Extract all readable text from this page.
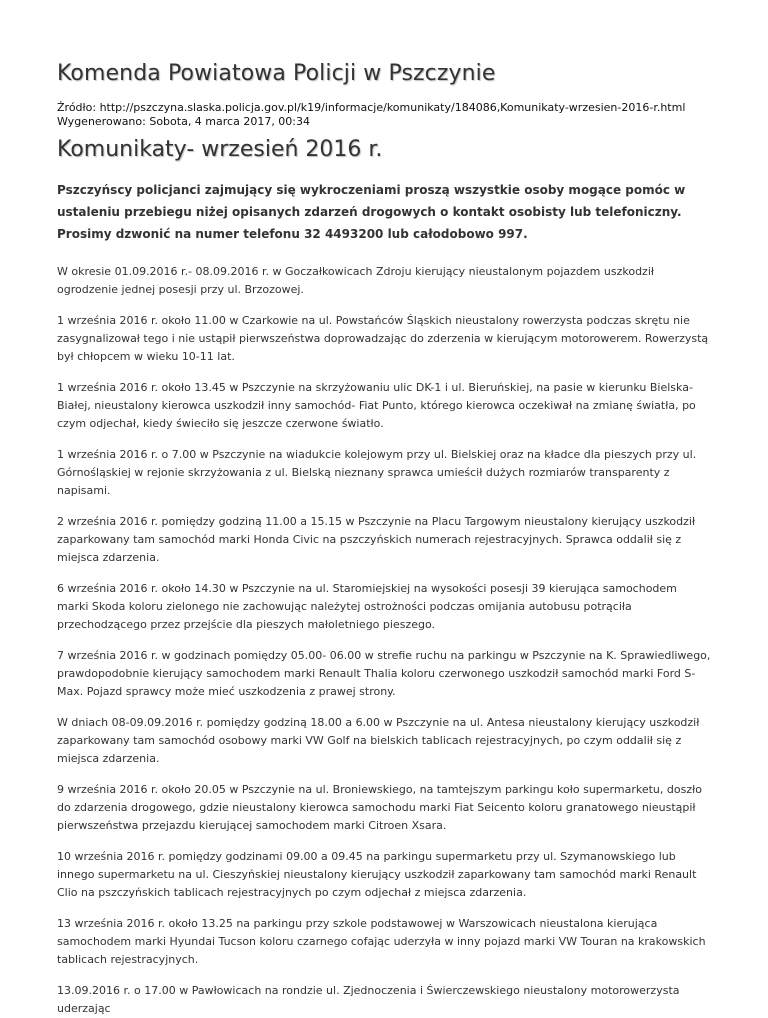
Komenda Powiatowa Policji w Pszczynie
Źródło: http://pszczyna.slaska.policja.gov.pl/k19/informacje/komunikaty/184086,Komunikaty-wrzesien-2016-r.html
Wygenerowano: Sobota, 4 marca 2017, 00:34
Komunikaty- wrzesień 2016 r.

Pszczyńscy policjanci zajmujący się wykroczeniami proszą wszystkie osoby mogące pomóc w ustaleniu przebiegu niżej opisanych zdarzeń drogowych o kontakt osobisty lub telefoniczny. Prosimy dzwonić na numer telefonu 32 4493200 lub całodobowo 997.

W okresie 01.09.2016 r.- 08.09.2016 r. w Goczałkowicach Zdroju kierujący nieustalonym pojazdem uszkodził ogrodzenie jednej posesji przy ul. Brzozowej.

1 września 2016 r. około 11.00 w Czarkowie na ul. Powstańców Śląskich nieustalony rowerzysta podczas skrętu nie zasygnalizował tego i nie ustąpił pierwszeństwa doprowadzając do zderzenia w kierującym motorowerem. Rowerzystą był chłopcem w wieku 10-11 lat.

1 września 2016 r. około 13.45 w Pszczynie na skrzyżowaniu ulic DK-1 i ul. Bieruńskiej, na pasie w kierunku Bielska- Białej, nieustalony kierowca uszkodził inny samochód- Fiat Punto, którego kierowca oczekiwał na zmianę światła, po czym odjechał, kiedy świeciło się jeszcze czerwone światło.

1 września 2016 r. o 7.00 w Pszczynie na wiadukcie kolejowym przy ul. Bielskiej oraz na kładce dla pieszych przy ul. Górnośląskiej w rejonie skrzyżowania z ul. Bielską nieznany sprawca umieścił dużych rozmiarów transparenty z napisami.

2 września 2016 r. pomiędzy godziną 11.00 a 15.15 w Pszczynie na Placu Targowym nieustalony kierujący uszkodził zaparkowany tam samochód marki Honda Civic na pszczyńskich numerach rejestracyjnych. Sprawca oddalił się z miejsca zdarzenia.

6 września 2016 r. około 14.30 w Pszczynie na ul. Staromiejskiej na wysokości posesji 39 kierująca samochodem marki Skoda koloru zielonego nie zachowując należytej ostrożności podczas omijania autobusu potrąciła przechodzącego przez przejście dla pieszych małoletniego pieszego.

7 września 2016 r. w godzinach pomiędzy 05.00- 06.00 w strefie ruchu na parkingu w Pszczynie na K. Sprawiedliwego, prawdopodobnie kierujący samochodem marki Renault Thalia koloru czerwonego uszkodził samochód marki Ford S-Max. Pojazd sprawcy może mieć uszkodzenia z prawej strony.

W dniach 08-09.09.2016 r. pomiędzy godziną 18.00 a 6.00 w Pszczynie na ul. Antesa nieustalony kierujący uszkodził zaparkowany tam samochód osobowy marki VW Golf na bielskich tablicach rejestracyjnych, po czym oddalił się z miejsca zdarzenia.

9 września 2016 r. około 20.05 w Pszczynie na ul. Broniewskiego, na tamtejszym parkingu koło supermarketu, doszło do zdarzenia drogowego, gdzie nieustalony kierowca samochodu marki Fiat Seicento koloru granatowego nieustąpił pierwszeństwa przejazdu kierującej samochodem marki Citroen Xsara.

10 września 2016 r. pomiędzy godzinami 09.00 a 09.45 na parkingu supermarketu przy ul. Szymanowskiego lub innego supermarketu na ul. Cieszyńskiej nieustalony kierujący uszkodził zaparkowany tam samochód marki Renault Clio na pszczyńskich tablicach rejestracyjnych po czym odjechał z miejsca zdarzenia.

13 września 2016 r. około 13.25 na parkingu przy szkole podstawowej w Warszowicach nieustalona kierująca samochodem marki Hyundai Tucson koloru czarnego cofając uderzyła w inny pojazd marki VW Touran na krakowskich tablicach rejestracyjnych.

13.09.2016 r. o 17.00 w Pawłowicach na rondzie ul. Zjednoczenia i Świerczewskiego nieustalony motorowerzysta uderzając
